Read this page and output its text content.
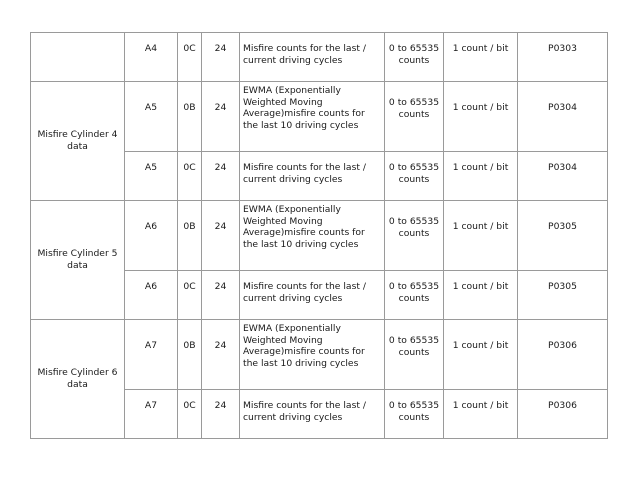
	A4	0C	24	Misfire counts for the last / current driving cycles	0 to 65535 counts	1 count / bit	P0303
Misfire Cylinder 4 data	A5	0B	24	EWMA (Exponentially Weighted Moving Average)misfire counts for the last 10 driving cycles	0 to 65535 counts	1 count / bit	P0304
	A5	0C	24	Misfire counts for the last / current driving cycles	0 to 65535 counts	1 count / bit	P0304
Misfire Cylinder 5 data	A6	0B	24	EWMA (Exponentially Weighted Moving Average)misfire counts for the last 10 driving cycles	0 to 65535 counts	1 count / bit	P0305
	A6	0C	24	Misfire counts for the last / current driving cycles	0 to 65535 counts	1 count / bit	P0305
Misfire Cylinder 6 data	A7	0B	24	EWMA (Exponentially Weighted Moving Average)misfire counts for the last 10 driving cycles	0 to 65535 counts	1 count / bit	P0306
	A7	0C	24	Misfire counts for the last / current driving cycles	0 to 65535 counts	1 count / bit	P0306
